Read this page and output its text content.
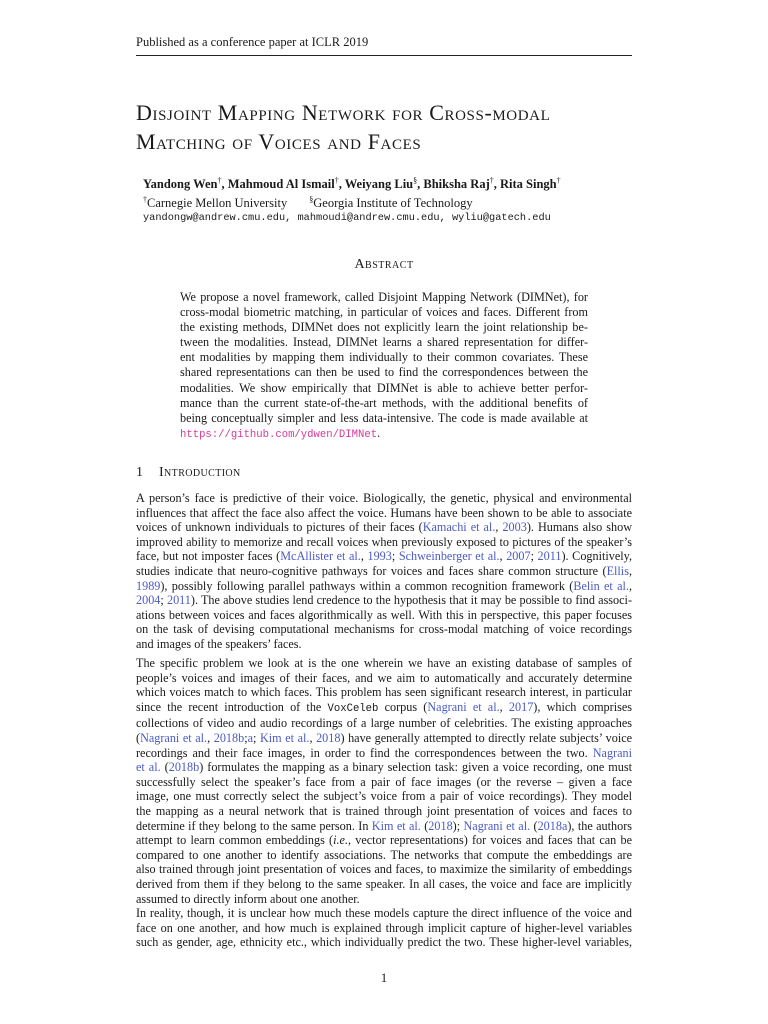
Published as a conference paper at ICLR 2019
Disjoint Mapping Network for Cross-modal
Matching of Voices and Faces
Yandong Wen†, Mahmoud Al Ismail†, Weiyang Liu§, Bhiksha Raj†, Rita Singh†
†Carnegie Mellon University	§Georgia Institute of Technology
yandongw@andrew.cmu.edu, mahmoudi@andrew.cmu.edu, wyliu@gatech.edu
Abstract
We propose a novel framework, called Disjoint Mapping Network (DIMNet), for
cross-modal biometric matching, in particular of voices and faces. Different from
the existing methods, DIMNet does not explicitly learn the joint relationship be-
tween the modalities. Instead, DIMNet learns a shared representation for differ-
ent modalities by mapping them individually to their common covariates. These
shared representations can then be used to find the correspondences between the
modalities. We show empirically that DIMNet is able to achieve better perfor-
mance than the current state-of-the-art methods, with the additional benefits of
being conceptually simpler and less data-intensive. The code is made available at
https://github.com/ydwen/DIMNet.
1 Introduction
A person’s face is predictive of their voice. Biologically, the genetic, physical and environmental
influences that affect the face also affect the voice. Humans have been shown to be able to associate
voices of unknown individuals to pictures of their faces (Kamachi et al., 2003). Humans also show
improved ability to memorize and recall voices when previously exposed to pictures of the speaker’s
face, but not imposter faces (McAllister et al., 1993; Schweinberger et al., 2007; 2011). Cognitively,
studies indicate that neuro-cognitive pathways for voices and faces share common structure (Ellis,
1989), possibly following parallel pathways within a common recognition framework (Belin et al.,
2004; 2011). The above studies lend credence to the hypothesis that it may be possible to find associ-
ations between voices and faces algorithmically as well. With this in perspective, this paper focuses
on the task of devising computational mechanisms for cross-modal matching of voice recordings
and images of the speakers’ faces.
The specific problem we look at is the one wherein we have an existing database of samples of
people’s voices and images of their faces, and we aim to automatically and accurately determine
which voices match to which faces. This problem has seen significant research interest, in particular
since the recent introduction of the VoxCeleb corpus (Nagrani et al., 2017), which comprises
collections of video and audio recordings of a large number of celebrities. The existing approaches
(Nagrani et al., 2018b;a; Kim et al., 2018) have generally attempted to directly relate subjects’ voice
recordings and their face images, in order to find the correspondences between the two. Nagrani
et al. (2018b) formulates the mapping as a binary selection task: given a voice recording, one must
successfully select the speaker’s face from a pair of face images (or the reverse – given a face
image, one must correctly select the subject’s voice from a pair of voice recordings). They model
the mapping as a neural network that is trained through joint presentation of voices and faces to
determine if they belong to the same person. In Kim et al. (2018); Nagrani et al. (2018a), the authors
attempt to learn common embeddings (i.e., vector representations) for voices and faces that can be
compared to one another to identify associations. The networks that compute the embeddings are
also trained through joint presentation of voices and faces, to maximize the similarity of embeddings
derived from them if they belong to the same speaker. In all cases, the voice and face are implicitly
assumed to directly inform about one another.
In reality, though, it is unclear how much these models capture the direct influence of the voice and
face on one another, and how much is explained through implicit capture of higher-level variables
such as gender, age, ethnicity etc., which individually predict the two. These higher-level variables,
1
